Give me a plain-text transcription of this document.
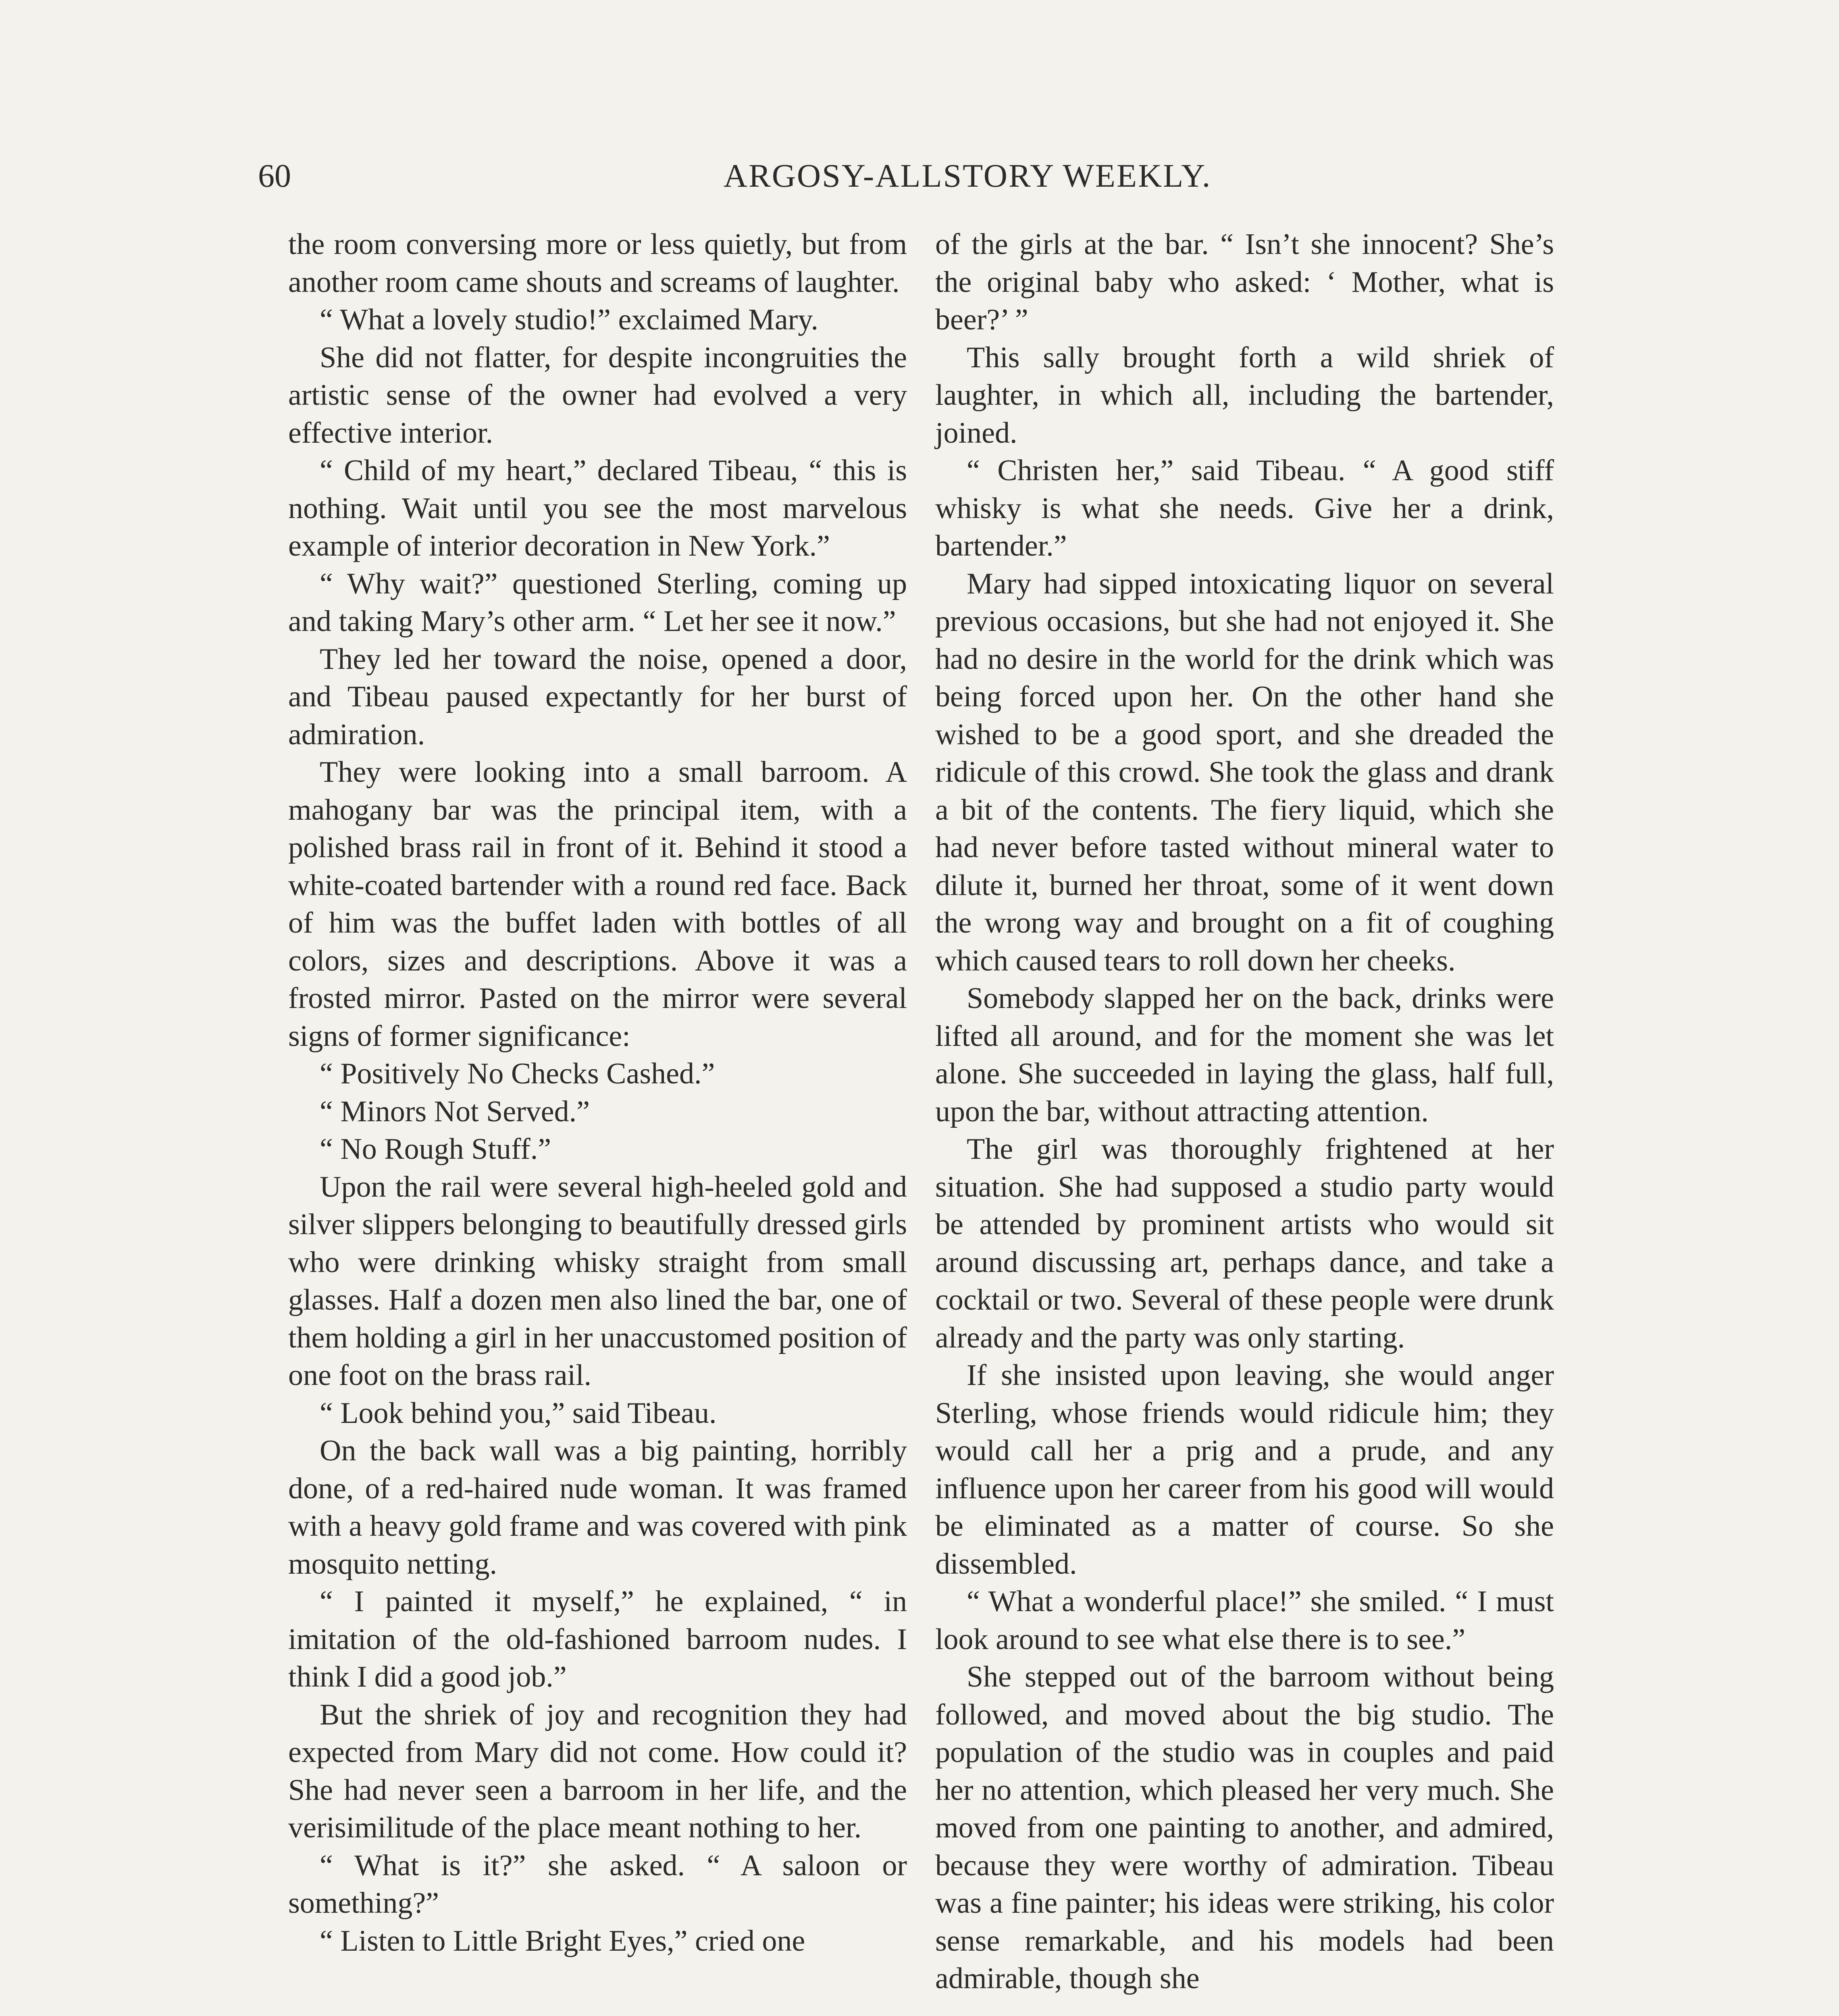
60	ARGOSY-ALLSTORY WEEKLY.

the room conversing more or less quietly, but from another room came shouts and screams of laughter.

“ What a lovely studio!” exclaimed Mary.

She did not flatter, for despite incongruities the artistic sense of the owner had evolved a very effective interior.

“ Child of my heart,” declared Tibeau, “ this is nothing. Wait until you see the most marvelous example of interior decoration in New York.”

“ Why wait?” questioned Sterling, coming up and taking Mary’s other arm. “ Let her see it now.”

They led her toward the noise, opened a door, and Tibeau paused expectantly for her burst of admiration.

They were looking into a small barroom. A mahogany bar was the principal item, with a polished brass rail in front of it. Behind it stood a white-coated bartender with a round red face. Back of him was the buffet laden with bottles of all colors, sizes and descriptions. Above it was a frosted mirror. Pasted on the mirror were several signs of former significance:

“ Positively No Checks Cashed.”

“ Minors Not Served.”

“ No Rough Stuff.”

Upon the rail were several high-heeled gold and silver slippers belonging to beautifully dressed girls who were drinking whisky straight from small glasses. Half a dozen men also lined the bar, one of them holding a girl in her unaccustomed position of one foot on the brass rail.

“ Look behind you,” said Tibeau.

On the back wall was a big painting, horribly done, of a red-haired nude woman. It was framed with a heavy gold frame and was covered with pink mosquito netting.

“ I painted it myself,” he explained, “ in imitation of the old-fashioned barroom nudes. I think I did a good job.”

But the shriek of joy and recognition they had expected from Mary did not come. How could it? She had never seen a barroom in her life, and the verisimilitude of the place meant nothing to her.

“ What is it?” she asked. “ A saloon or something?”

“ Listen to Little Bright Eyes,” cried one

of the girls at the bar. “ Isn’t she innocent? She’s the original baby who asked: ‘ Mother, what is beer?’ ”

This sally brought forth a wild shriek of laughter, in which all, including the bartender, joined.

“ Christen her,” said Tibeau. “ A good stiff whisky is what she needs. Give her a drink, bartender.”

Mary had sipped intoxicating liquor on several previous occasions, but she had not enjoyed it. She had no desire in the world for the drink which was being forced upon her. On the other hand she wished to be a good sport, and she dreaded the ridicule of this crowd. She took the glass and drank a bit of the contents. The fiery liquid, which she had never before tasted without mineral water to dilute it, burned her throat, some of it went down the wrong way and brought on a fit of coughing which caused tears to roll down her cheeks.

Somebody slapped her on the back, drinks were lifted all around, and for the moment she was let alone. She succeeded in laying the glass, half full, upon the bar, without attracting attention.

The girl was thoroughly frightened at her situation. She had supposed a studio party would be attended by prominent artists who would sit around discussing art, perhaps dance, and take a cocktail or two. Several of these people were drunk already and the party was only starting.

If she insisted upon leaving, she would anger Sterling, whose friends would ridicule him; they would call her a prig and a prude, and any influence upon her career from his good will would be eliminated as a matter of course. So she dissembled.

“ What a wonderful place!” she smiled. “ I must look around to see what else there is to see.”

She stepped out of the barroom without being followed, and moved about the big studio. The population of the studio was in couples and paid her no attention, which pleased her very much. She moved from one painting to another, and admired, because they were worthy of admiration. Tibeau was a fine painter; his ideas were striking, his color sense remarkable, and his models had been admirable, though she
